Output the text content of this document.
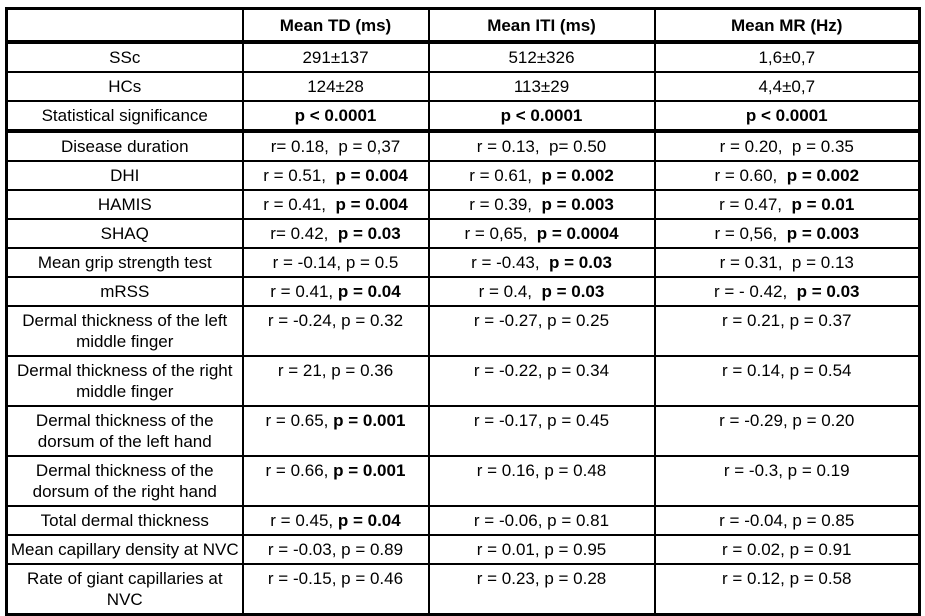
	Mean TD (ms)	Mean ITI (ms)	Mean MR (Hz)
SSc	291±137	512±326	1,6±0,7
HCs	124±28	113±29	4,4±0,7
Statistical significance	p < 0.0001	p < 0.0001	p < 0.0001
Disease duration	r= 0.18,  p = 0,37	r = 0.13,  p= 0.50	r = 0.20,  p = 0.35
DHI	r = 0.51,  p = 0.004	r = 0.61,  p = 0.002	r = 0.60,  p = 0.002
HAMIS	r = 0.41,  p = 0.004	r = 0.39,  p = 0.003	r = 0.47,  p = 0.01
SHAQ	r= 0.42,  p = 0.03	r = 0,65,  p = 0.0004	r = 0,56,  p = 0.003
Mean grip strength test	r = -0.14, p = 0.5	r = -0.43,  p = 0.03	r = 0.31,  p = 0.13
mRSS	r = 0.41, p = 0.04	r = 0.4,  p = 0.03	r = - 0.42,  p = 0.03
Dermal thickness of the left middle finger	r = -0.24, p = 0.32	r = -0.27, p = 0.25	r = 0.21, p = 0.37
Dermal thickness of the right middle finger	r = 21, p = 0.36	r = -0.22, p = 0.34	r = 0.14, p = 0.54
Dermal thickness of the dorsum of the left hand	r = 0.65, p = 0.001	r = -0.17, p = 0.45	r = -0.29, p = 0.20
Dermal thickness of the dorsum of the right hand	r = 0.66, p = 0.001	r = 0.16, p = 0.48	r = -0.3, p = 0.19
Total dermal thickness	r = 0.45, p = 0.04	r = -0.06, p = 0.81	r = -0.04, p = 0.85
Mean capillary density at NVC	r = -0.03, p = 0.89	r = 0.01, p = 0.95	r = 0.02, p = 0.91
Rate of giant capillaries at NVC	r = -0.15, p = 0.46	r = 0.23, p = 0.28	r = 0.12, p = 0.58
